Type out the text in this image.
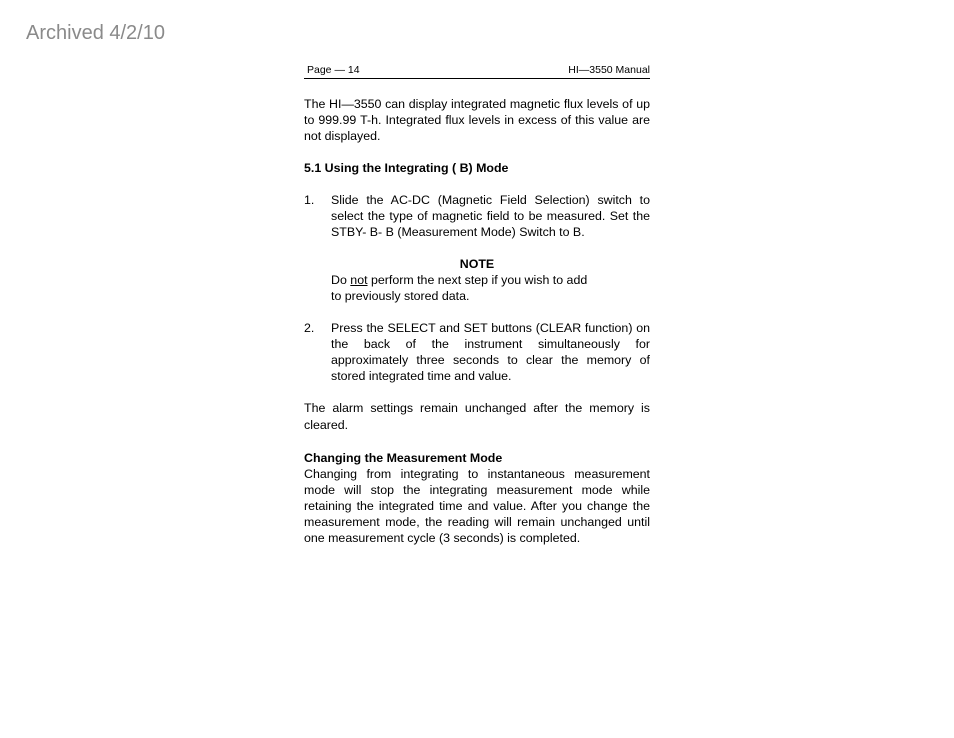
Archived 4/2/10
Page — 14	HI—3550 Manual

The HI—3550 can display integrated magnetic flux levels of up to 999.99 T-h. Integrated flux levels in excess of this value are not displayed.

5.1 Using the Integrating ( B) Mode

1.	Slide the AC-DC (Magnetic Field Selection) switch to select the type of magnetic field to be measured. Set the STBY- B- B (Measurement Mode) Switch to B.
NOTE
Do not perform the next step if you wish to add
to previously stored data.
2.	Press the SELECT and SET buttons (CLEAR function) on the back of the instrument simultaneously for approximately three seconds to clear the memory of stored integrated time and value.

The alarm settings remain unchanged after the memory is cleared.

Changing the Measurement Mode

Changing from integrating to instantaneous measurement mode will stop the integrating measurement mode while retaining the integrated time and value. After you change the measurement mode, the reading will remain unchanged until one measurement cycle (3 seconds) is completed.
